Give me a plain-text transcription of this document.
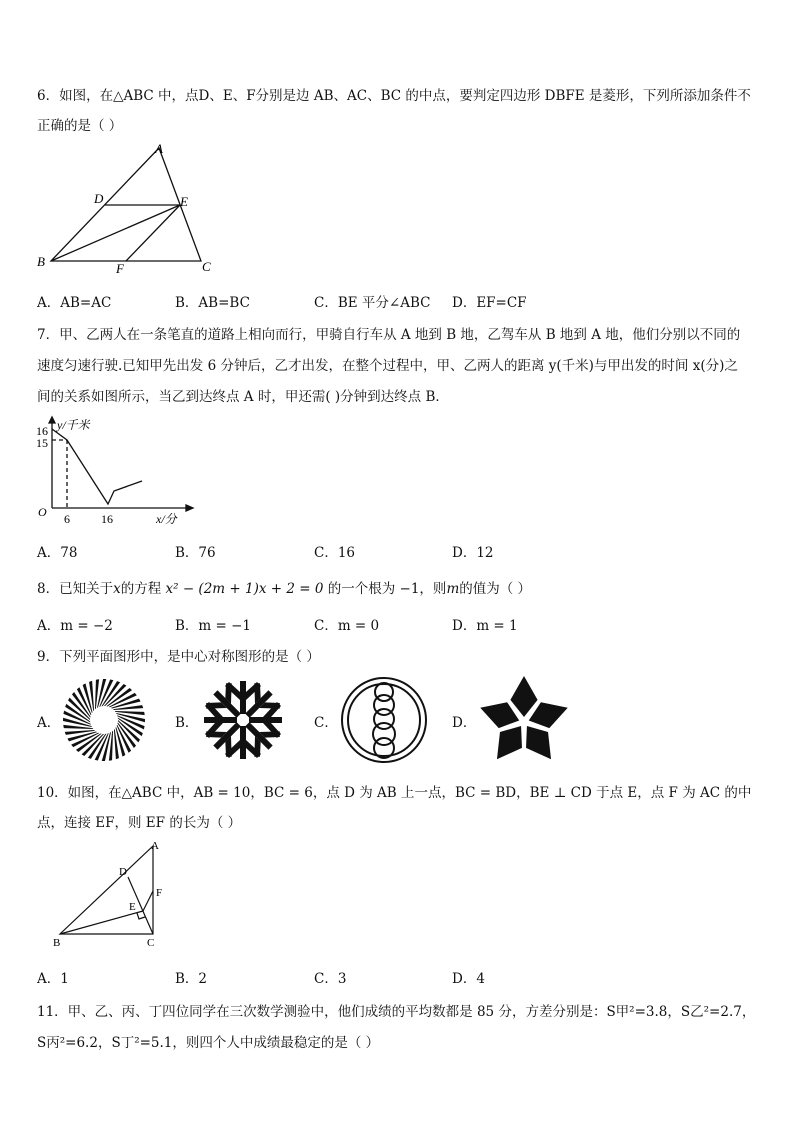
6．如图，在△ABC 中，点D、E、F分别是边 AB、AC、BC 的中点，要判定四边形 DBFE 是菱形，下列所添加条件不
正确的是（ ）
A
B	C
D	E
F
A．AB=AC	B．AB=BC	C．BE 平分∠ABC D．EF=CF
7．甲、乙两人在一条笔直的道路上相向而行，甲骑自行车从 A 地到 B 地，乙驾车从 B 地到 A 地，他们分别以不同的
速度匀速行驶.已知甲先出发 6 分钟后，乙才出发，在整个过程中，甲、乙两人的距离 y(千米)与甲出发的时间 x(分)之
间的关系如图所示，当乙到达终点 A 时，甲还需( )分钟到达终点 B．
y/千米
x/分
O
16
15
6	16
A．78	B．76	C．16	D．12
8．已知关于x的方程 x² − (2m + 1)x + 2 = 0 的一个根为 −1，则m的值为（ ）
A．m = −2	B．m = −1	C．m = 0	D．m = 1
9．下列平面图形中，是中心对称图形的是（ ）
A．	B．	C．	D．
10．如图，在△ABC 中，AB = 10，BC = 6，点 D 为 AB 上一点，BC = BD，BE ⊥ CD 于点 E，点 F 为 AC 的中
点，连接 EF，则 EF 的长为（ ）
A
B	C
D
E
F
A．1	B．2	C．3	D．4
11．甲、乙、丙、丁四位同学在三次数学测验中，他们成绩的平均数都是 85 分，方差分别是：S甲²=3.8，S乙²=2.7，
S丙²=6.2，S丁²=5.1，则四个人中成绩最稳定的是（ ）
